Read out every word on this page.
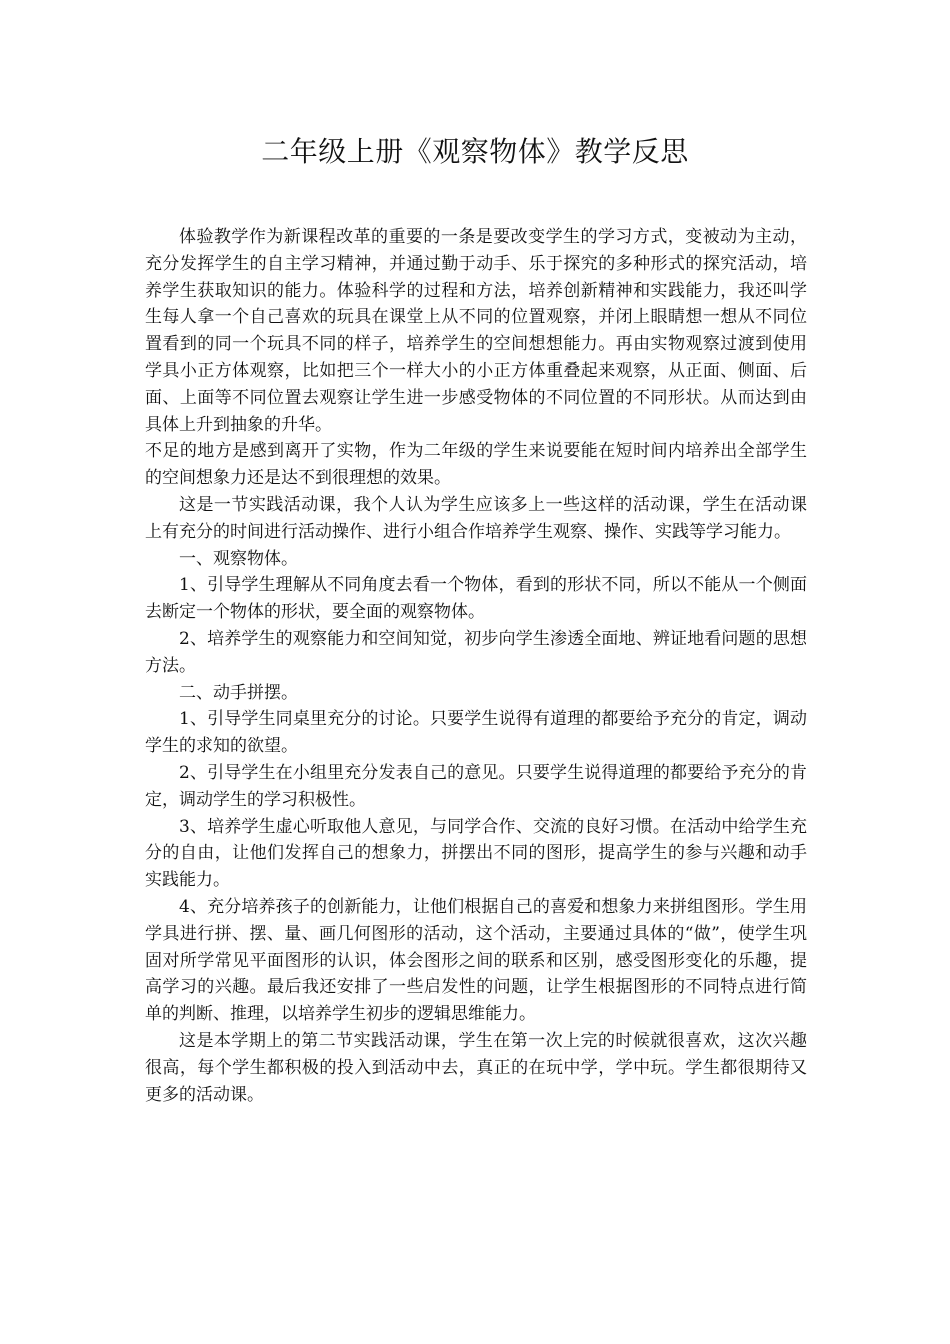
二年级上册《观察物体》教学反思

体验教学作为新课程改革的重要的一条是要改变学生的学习方式，变被动为主动，充分发挥学生的自主学习精神，并通过勤于动手、乐于探究的多种形式的探究活动，培养学生获取知识的能力。体验科学的过程和方法，培养创新精神和实践能力，我还叫学生每人拿一个自己喜欢的玩具在课堂上从不同的位置观察，并闭上眼睛想一想从不同位置看到的同一个玩具不同的样子，培养学生的空间想想能力。再由实物观察过渡到使用学具小正方体观察，比如把三个一样大小的小正方体重叠起来观察，从正面、侧面、后面、上面等不同位置去观察让学生进一步感受物体的不同位置的不同形状。从而达到由具体上升到抽象的升华。

不足的地方是感到离开了实物，作为二年级的学生来说要能在短时间内培养出全部学生的空间想象力还是达不到很理想的效果。

这是一节实践活动课，我个人认为学生应该多上一些这样的活动课，学生在活动课上有充分的时间进行活动操作、进行小组合作培养学生观察、操作、实践等学习能力。

一、观察物体。

1、引导学生理解从不同角度去看一个物体，看到的形状不同，所以不能从一个侧面去断定一个物体的形状，要全面的观察物体。

2、培养学生的观察能力和空间知觉，初步向学生渗透全面地、辨证地看问题的思想方法。

二、动手拼摆。

1、引导学生同桌里充分的讨论。只要学生说得有道理的都要给予充分的肯定，调动学生的求知的欲望。

2、引导学生在小组里充分发表自己的意见。只要学生说得道理的都要给予充分的肯定，调动学生的学习积极性。

3、培养学生虚心听取他人意见，与同学合作、交流的良好习惯。在活动中给学生充分的自由，让他们发挥自己的想象力，拼摆出不同的图形，提高学生的参与兴趣和动手实践能力。

4、充分培养孩子的创新能力，让他们根据自己的喜爱和想象力来拼组图形。学生用学具进行拼、摆、量、画几何图形的活动，这个活动，主要通过具体的“做”，使学生巩固对所学常见平面图形的认识，体会图形之间的联系和区别，感受图形变化的乐趣，提高学习的兴趣。最后我还安排了一些启发性的问题，让学生根据图形的不同特点进行简单的判断、推理，以培养学生初步的逻辑思维能力。

这是本学期上的第二节实践活动课，学生在第一次上完的时候就很喜欢，这次兴趣很高，每个学生都积极的投入到活动中去，真正的在玩中学，学中玩。学生都很期待又更多的活动课。
